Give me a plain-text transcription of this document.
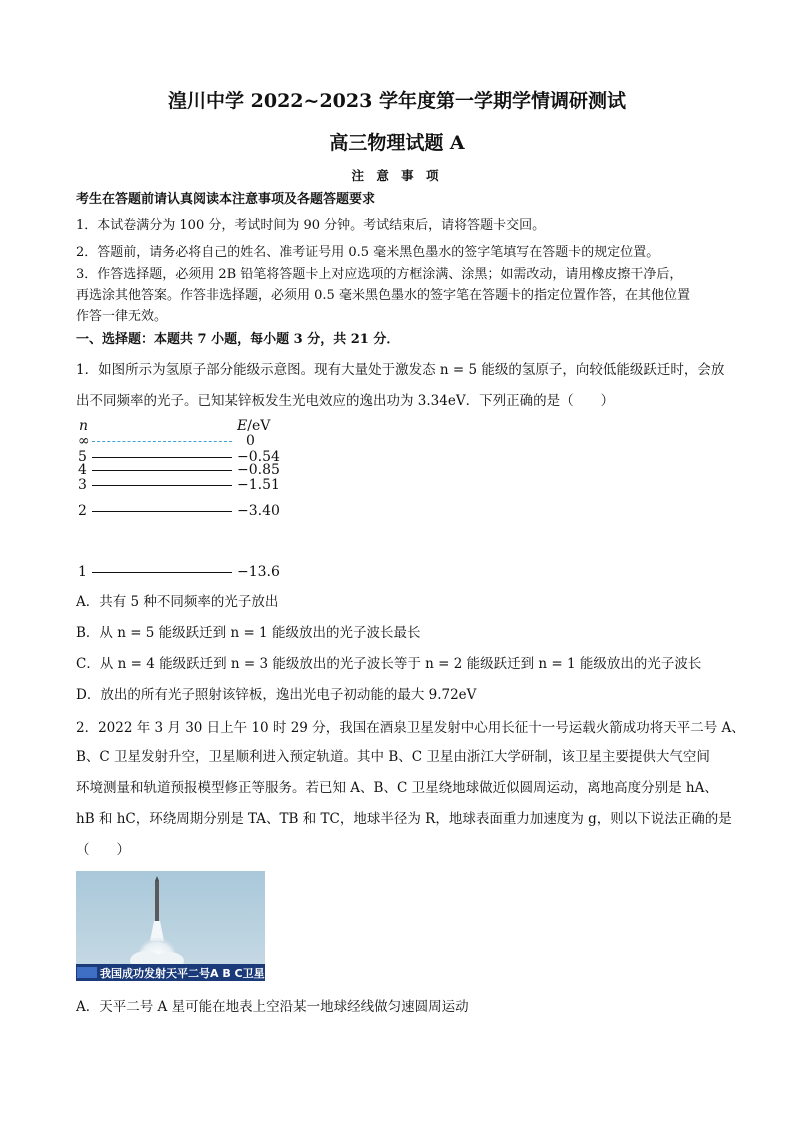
湟川中学 2022~2023 学年度第一学期学情调研测试
高三物理试题 A
注 意 事 项
考生在答题前请认真阅读本注意事项及各题答题要求
1．本试卷满分为 100 分，考试时间为 90 分钟。考试结束后，请将答题卡交回。
2．答题前，请务必将自己的姓名、准考证号用 0.5 毫米黑色墨水的签字笔填写在答题卡的规定位置。
3．作答选择题，必须用 2B 铅笔将答题卡上对应选项的方框涂满、涂黑；如需改动，请用橡皮擦干净后，
再选涂其他答案。作答非选择题，必须用 0.5 毫米黑色墨水的签字笔在答题卡的指定位置作答，在其他位置
作答一律无效。
一、选择题：本题共 7 小题，每小题 3 分，共 21 分．
1．如图所示为氢原子部分能级示意图。现有大量处于激发态 n = 5 能级的氢原子，向较低能级跃迁时，会放
出不同频率的光子。已知某锌板发生光电效应的逸出功为 3.34eV．下列正确的是（　　）
n	E/eV
∞	0
5	−0.54
4	−0.85
3	−1.51
2	−3.40
1	−13.6
A．共有 5 种不同频率的光子放出
B．从 n = 5 能级跃迁到 n = 1 能级放出的光子波长最长
C．从 n = 4 能级跃迁到 n = 3 能级放出的光子波长等于 n = 2 能级跃迁到 n = 1 能级放出的光子波长
D．放出的所有光子照射该锌板，逸出光电子初动能的最大 9.72eV
2．2022 年 3 月 30 日上午 10 时 29 分，我国在酒泉卫星发射中心用长征十一号运载火箭成功将天平二号 A、
B、C 卫星发射升空，卫星顺利进入预定轨道。其中 B、C 卫星由浙江大学研制，该卫星主要提供大气空间
环境测量和轨道预报模型修正等服务。若已知 A、B、C 卫星绕地球做近似圆周运动，离地高度分别是 hA、
hB 和 hC，环绕周期分别是 TA、TB 和 TC，地球半径为 R，地球表面重力加速度为 g，则以下说法正确的是
（　　）
我国成功发射天平二号A B C卫星
A．天平二号 A 星可能在地表上空沿某一地球经线做匀速圆周运动
